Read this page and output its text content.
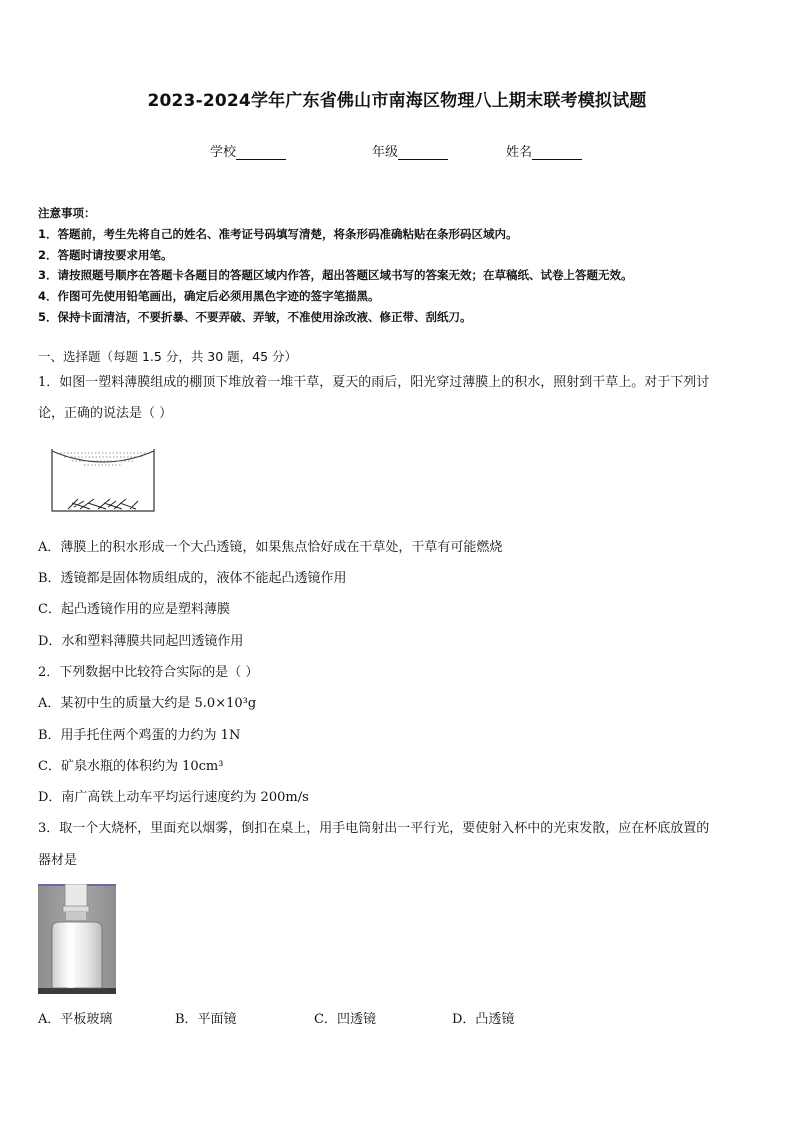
2023-2024学年广东省佛山市南海区物理八上期末联考模拟试题
学校	年级	姓名
注意事项：
1．答题前，考生先将自己的姓名、准考证号码填写清楚，将条形码准确粘贴在条形码区域内。
2．答题时请按要求用笔。
3．请按照题号顺序在答题卡各题目的答题区域内作答，超出答题区域书写的答案无效；在草稿纸、试卷上答题无效。
4．作图可先使用铅笔画出，确定后必须用黑色字迹的签字笔描黑。
5．保持卡面清洁，不要折暴、不要弄破、弄皱，不准使用涂改液、修正带、刮纸刀。
一、选择题（每题 1.5 分，共 30 题，45 分）
1．如图一塑料薄膜组成的棚顶下堆放着一堆干草，夏天的雨后，阳光穿过薄膜上的积水，照射到干草上。对于下列讨
论，正确的说法是（ ）
A．薄膜上的积水形成一个大凸透镜，如果焦点恰好成在干草处，干草有可能燃烧
B．透镜都是固体物质组成的，液体不能起凸透镜作用
C．起凸透镜作用的应是塑料薄膜
D．水和塑料薄膜共同起凹透镜作用
2．下列数据中比较符合实际的是（ ）
A．某初中生的质量大约是 5.0×10³g
B．用手托住两个鸡蛋的力约为 1N
C．矿泉水瓶的体积约为 10cm³
D．南广高铁上动车平均运行速度约为 200m/s
3．取一个大烧杯，里面充以烟雾，倒扣在桌上，用手电筒射出一平行光，要使射入杯中的光束发散，应在杯底放置的
器材是
A．平板玻璃	B．平面镜	C．凹透镜	D．凸透镜
